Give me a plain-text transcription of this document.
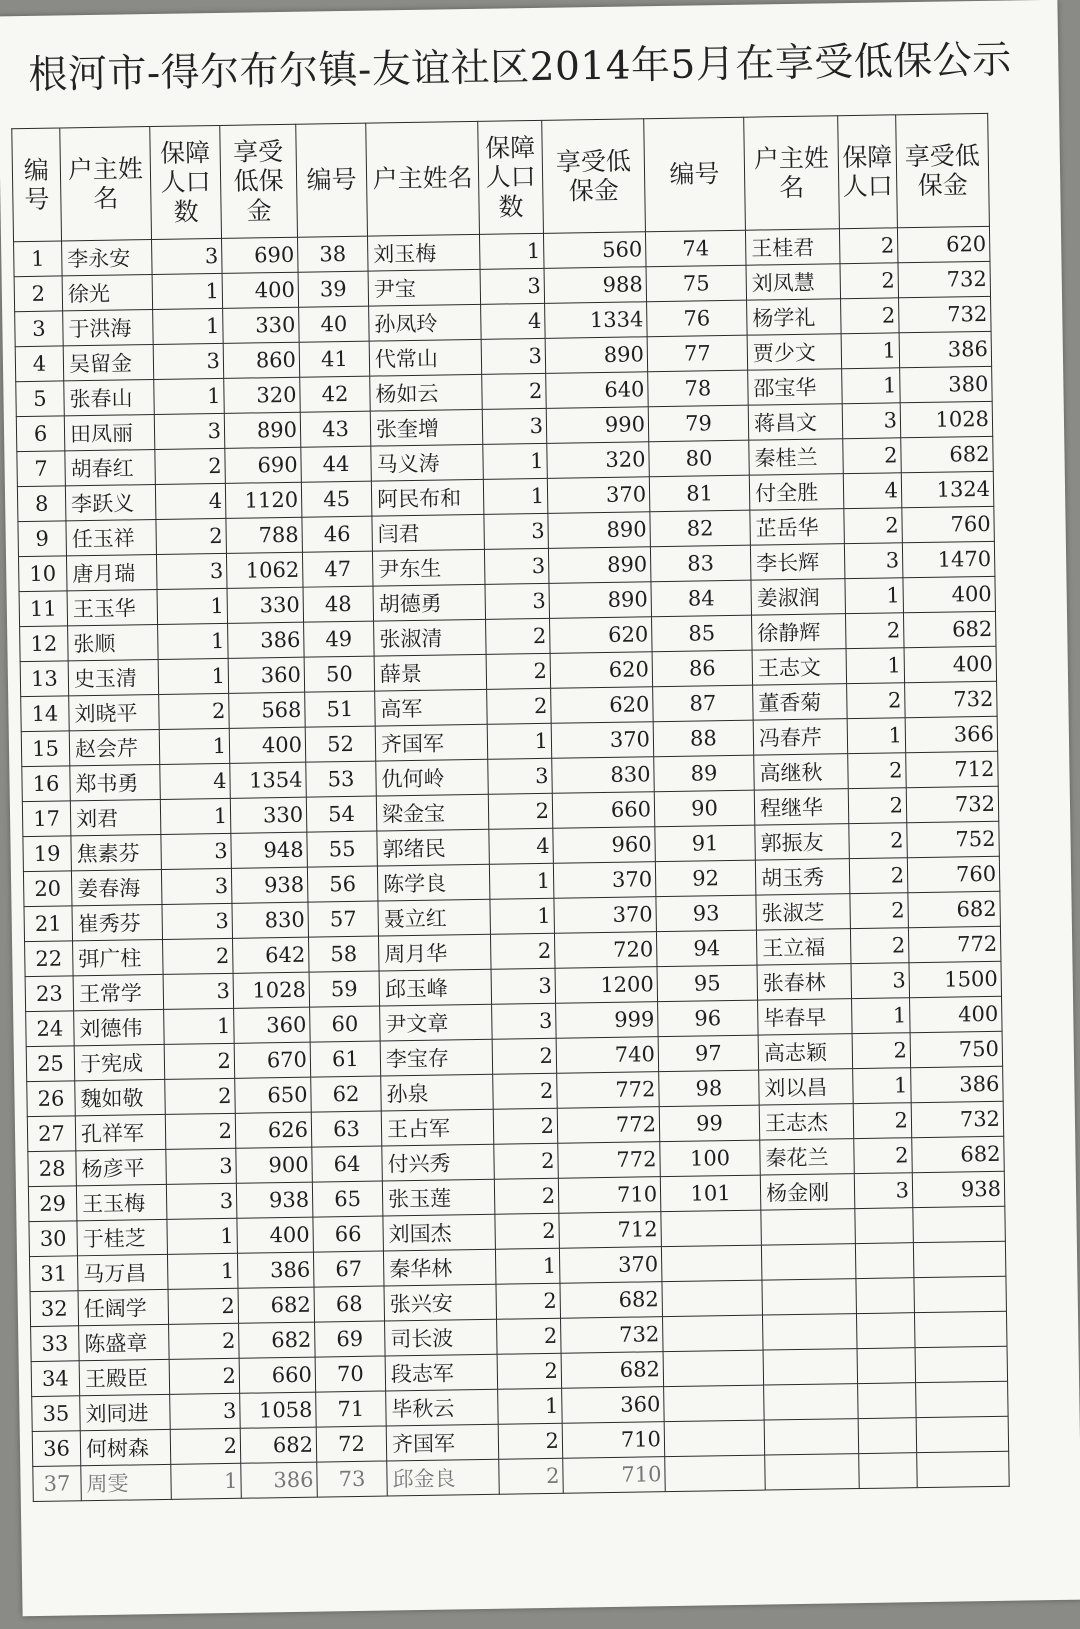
根河市-得尔布尔镇-友谊社区2014年5月在享受低保公示
编号	户主姓名	保障人口数	享受低保金	编号	户主姓名	保障人口数	享受低保金	编号	户主姓名	保障人口	享受低保金
1	李永安	3	690	38	刘玉梅	1	560	74	王桂君	2	620
2	徐光	1	400	39	尹宝	3	988	75	刘凤慧	2	732
3	于洪海	1	330	40	孙凤玲	4	1334	76	杨学礼	2	732
4	吴留金	3	860	41	代常山	3	890	77	贾少文	1	386
5	张春山	1	320	42	杨如云	2	640	78	邵宝华	1	380
6	田凤丽	3	890	43	张奎增	3	990	79	蒋昌文	3	1028
7	胡春红	2	690	44	马义涛	1	320	80	秦桂兰	2	682
8	李跃义	4	1120	45	阿民布和	1	370	81	付全胜	4	1324
9	任玉祥	2	788	46	闫君	3	890	82	芷岳华	2	760
10	唐月瑞	3	1062	47	尹东生	3	890	83	李长辉	3	1470
11	王玉华	1	330	48	胡德勇	3	890	84	姜淑润	1	400
12	张顺	1	386	49	张淑清	2	620	85	徐静辉	2	682
13	史玉清	1	360	50	薛景	2	620	86	王志文	1	400
14	刘晓平	2	568	51	高军	2	620	87	董香菊	2	732
15	赵会芹	1	400	52	齐国军	1	370	88	冯春芹	1	366
16	郑书勇	4	1354	53	仇何岭	3	830	89	高继秋	2	712
17	刘君	1	330	54	梁金宝	2	660	90	程继华	2	732
19	焦素芬	3	948	55	郭绪民	4	960	91	郭振友	2	752
20	姜春海	3	938	56	陈学良	1	370	92	胡玉秀	2	760
21	崔秀芬	3	830	57	聂立红	1	370	93	张淑芝	2	682
22	弭广柱	2	642	58	周月华	2	720	94	王立福	2	772
23	王常学	3	1028	59	邱玉峰	3	1200	95	张春林	3	1500
24	刘德伟	1	360	60	尹文章	3	999	96	毕春早	1	400
25	于宪成	2	670	61	李宝存	2	740	97	高志颖	2	750
26	魏如敬	2	650	62	孙泉	2	772	98	刘以昌	1	386
27	孔祥军	2	626	63	王占军	2	772	99	王志杰	2	732
28	杨彦平	3	900	64	付兴秀	2	772	100	秦花兰	2	682
29	王玉梅	3	938	65	张玉莲	2	710	101	杨金刚	3	938
30	于桂芝	1	400	66	刘国杰	2	712				
31	马万昌	1	386	67	秦华林	1	370				
32	任阔学	2	682	68	张兴安	2	682				
33	陈盛章	2	682	69	司长波	2	732				
34	王殿臣	2	660	70	段志军	2	682				
35	刘同进	3	1058	71	毕秋云	1	360				
36	何树森	2	682	72	齐国军	2	710				
37	周雯	1	386	73	邱金良	2	710				
